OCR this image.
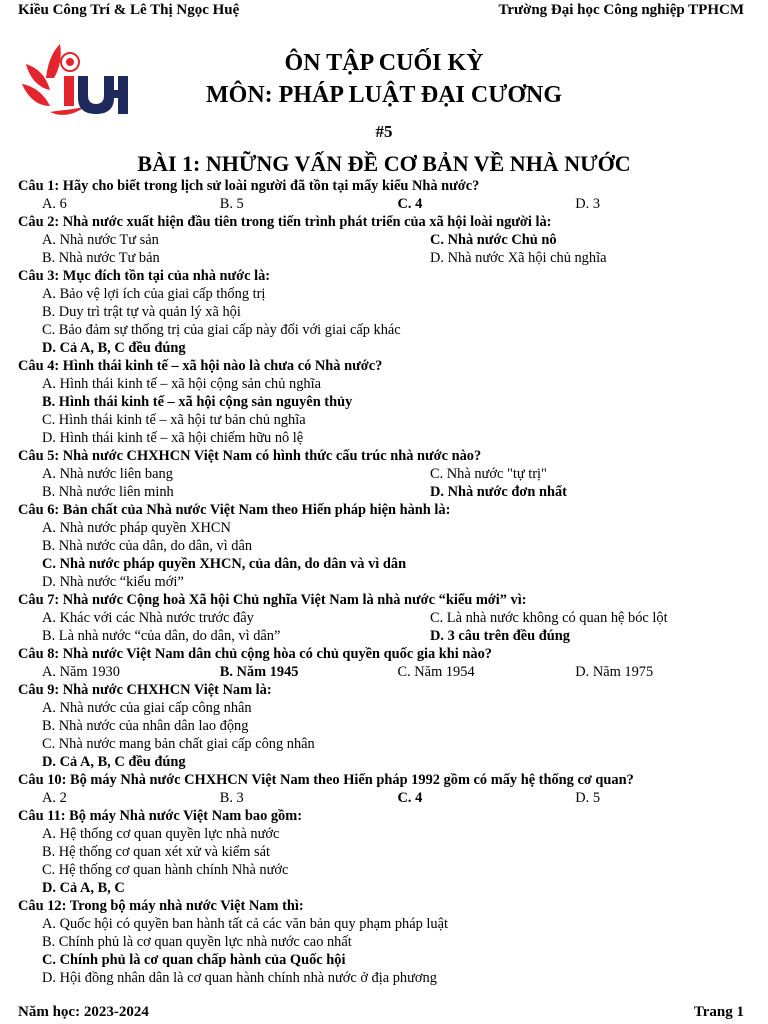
Kiều Công Trí & Lê Thị Ngọc Huệ	Trường Đại học Công nghiệp TPHCM
ÔN TẬP CUỐI KỲ
MÔN: PHÁP LUẬT ĐẠI CƯƠNG
#5
BÀI 1: NHỮNG VẤN ĐỀ CƠ BẢN VỀ NHÀ NƯỚC
Câu 1: Hãy cho biết trong lịch sử loài người đã tồn tại mấy kiểu Nhà nước?
A. 6	B. 5	C. 4	D. 3
Câu 2: Nhà nước xuất hiện đầu tiên trong tiến trình phát triển của xã hội loài người là:
A. Nhà nước Tư sản	C. Nhà nước Chủ nô
B. Nhà nước Tư bản	D. Nhà nước Xã hội chủ nghĩa
Câu 3: Mục đích tồn tại của nhà nước là:
A. Bảo vệ lợi ích của giai cấp thống trị
B. Duy trì trật tự và quản lý xã hội
C. Bảo đảm sự thống trị của giai cấp này đối với giai cấp khác
D. Cả A, B, C đều đúng
Câu 4: Hình thái kinh tế – xã hội nào là chưa có Nhà nước?
A. Hình thái kinh tế – xã hội cộng sản chủ nghĩa
B. Hình thái kinh tế – xã hội cộng sản nguyên thủy
C. Hình thái kinh tế – xã hội tư bản chủ nghĩa
D. Hình thái kinh tế – xã hội chiếm hữu nô lệ
Câu 5: Nhà nước CHXHCN Việt Nam có hình thức cấu trúc nhà nước nào?
A. Nhà nước liên bang	C. Nhà nước "tự trị"
B. Nhà nước liên minh	D. Nhà nước đơn nhất
Câu 6: Bản chất của Nhà nước Việt Nam theo Hiến pháp hiện hành là:
A. Nhà nước pháp quyền XHCN
B. Nhà nước của dân, do dân, vì dân
C. Nhà nước pháp quyền XHCN, của dân, do dân và vì dân
D. Nhà nước “kiểu mới”
Câu 7: Nhà nước Cộng hoà Xã hội Chủ nghĩa Việt Nam là nhà nước “kiểu mới” vì:
A. Khác với các Nhà nước trước đây	C. Là nhà nước không có quan hệ bóc lột
B. Là nhà nước “của dân, do dân, vì dân”	D. 3 câu trên đều đúng
Câu 8: Nhà nước Việt Nam dân chủ cộng hòa có chủ quyền quốc gia khi nào?
A. Năm 1930	B. Năm 1945	C. Năm 1954	D. Năm 1975
Câu 9: Nhà nước CHXHCN Việt Nam là:
A. Nhà nước của giai cấp công nhân
B. Nhà nước của nhân dân lao động
C. Nhà nước mang bản chất giai cấp công nhân
D. Cả A, B, C đều đúng
Câu 10: Bộ máy Nhà nước CHXHCN Việt Nam theo Hiến pháp 1992 gồm có mấy hệ thống cơ quan?
A. 2	B. 3	C. 4	D. 5
Câu 11: Bộ máy Nhà nước Việt Nam bao gồm:
A. Hệ thống cơ quan quyền lực nhà nước
B. Hệ thống cơ quan xét xử và kiểm sát
C. Hệ thống cơ quan hành chính Nhà nước
D. Cả A, B, C
Câu 12: Trong bộ máy nhà nước Việt Nam thì:
A. Quốc hội có quyền ban hành tất cả các văn bản quy phạm pháp luật
B. Chính phủ là cơ quan quyền lực nhà nước cao nhất
C. Chính phủ là cơ quan chấp hành của Quốc hội
D. Hội đồng nhân dân là cơ quan hành chính nhà nước ở địa phương
Năm học: 2023-2024	Trang 1
